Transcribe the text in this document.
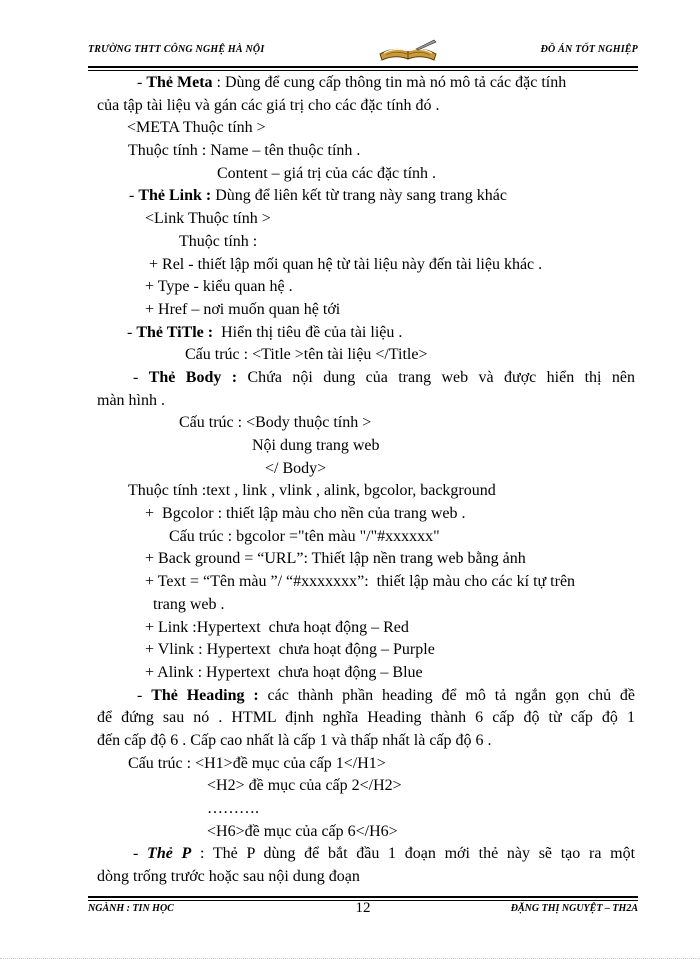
TRƯỜNG THTT CÔNG NGHỆ HÀ NỘI	ĐỒ ÁN TỐT NGHIỆP
- Thẻ Meta : Dùng để cung cấp thông tin mà nó mô tả các đặc tính
của tập tài liệu và gán các giá trị cho các đặc tính đó .
<META Thuộc tính >
Thuộc tính : Name – tên thuộc tính .
Content – giá trị của các đặc tính .
- Thẻ Link : Dùng để liên kết từ trang này sang trang khác
<Link Thuộc tính >
Thuộc tính :
+ Rel - thiết lập mối quan hệ từ tài liệu này đến tài liệu khác .
+ Type - kiểu quan hệ .
+ Href – nơi muốn quan hệ tới
- Thẻ TiTle :  Hiển thị tiêu đề của tài liệu .
Cấu trúc : <Title >tên tài liệu </Title>
- Thẻ Body : Chứa nội dung của trang web và được hiển thị nên
màn hình .
Cấu trúc : <Body thuộc tính >
Nội dung trang web
</ Body>
Thuộc tính :text , link , vlink , alink, bgcolor, background
+  Bgcolor : thiết lập màu cho nền của trang web .
Cấu trúc : bgcolor ="tên màu "/"#xxxxxx"
+ Back ground = “URL”: Thiết lập nền trang web bằng ảnh
+ Text = “Tên màu ”/ “#xxxxxxx”:  thiết lập màu cho các kí tự trên
trang web .
+ Link :Hypertext  chưa hoạt động – Red
+ Vlink : Hypertext  chưa hoạt động – Purple
+ Alink : Hypertext  chưa hoạt động – Blue
- Thẻ Heading : các thành phần heading để mô tả ngắn gọn chủ đề
để đứng sau nó . HTML định nghĩa Heading thành 6 cấp độ từ cấp độ 1
đến cấp độ 6 . Cấp cao nhất là cấp 1 và thấp nhất là cấp độ 6 .
Cấu trúc : <H1>đề mục của cấp 1</H1>
<H2> đề mục của cấp 2</H2>
……….
<H6>đề mục của cấp 6</H6>
- Thẻ P : Thẻ P dùng để bắt đầu 1 đoạn mới thẻ này sẽ tạo ra một
dòng trống trước hoặc sau nội dung đoạn
NGÀNH : TIN HỌC	12	ĐẶNG THỊ NGUYỆT – TH2A
